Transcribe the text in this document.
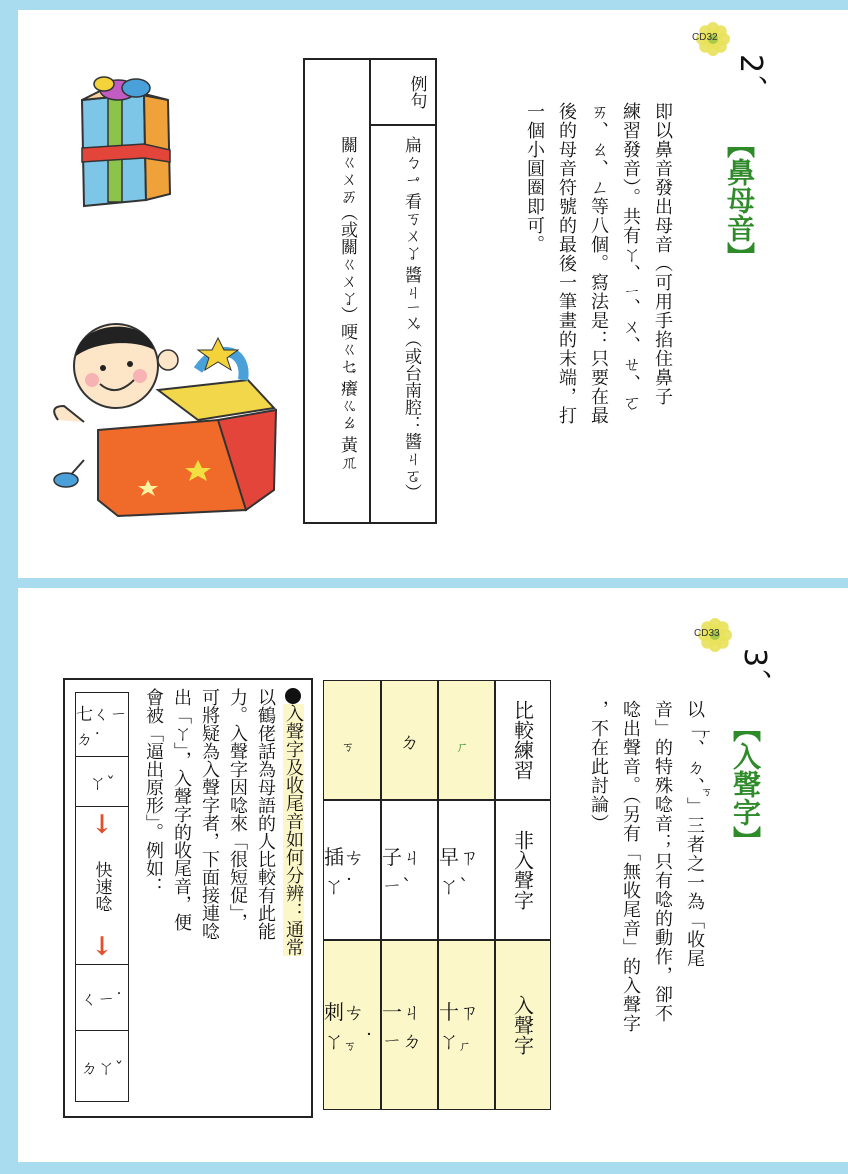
CD32
2、
【鼻母音】
即以鼻音發出母音（可用手掐住鼻子
練習發音）。共有ㄚ、ㄧ、ㄨ、ㄝ、ㆦ
ㄞ、ㄠ、ㄥ等八個。寫法是：只要在最
後的母音符號的最後一筆畫的末端，打
一個小圓圈即可。
例句
扁ㄅㆪ 看ㄎㄨㆩ 醬ㄐㄧㆫ（或台南腔：醬ㄐㆧ）
關ㄍㄨㆮ（或關ㄍㄨㆩ）哽ㄍㆥ 癢ㆣㆯ 黃ㆭ
CD33
3、
【入聲字】
以「ㆷ、ㄉ、ㆶ」三者之一為「收尾
音」的特殊唸音；只有唸的動作，卻不
唸出聲音。（另有「無收尾音」的入聲字
，不在此討論）
比較練習
非入聲字
入聲字
ㆷ
早ㄗㄚˋ
十ㄗㄚㆷ
ㄉ
子ㄐㄧˋ
一ㄐㄧㄉ
ㆶ
插ㄘㄚ˙
刺ㄘㄚㆶ˙
七ㄑㄧㄉ˙
ㄚˇ
↓
快速唸
↓
ㄑㄧ˙
ㄉㄚˇ
入聲字及收尾音如何分辨：通常
以鶴佬話為母語的人比較有此能
力。入聲字因唸來「很短促」，
可將疑為入聲字者，下面接連唸
出「ㄚ」，入聲字的收尾音，便
會被「逼出原形」。例如：
